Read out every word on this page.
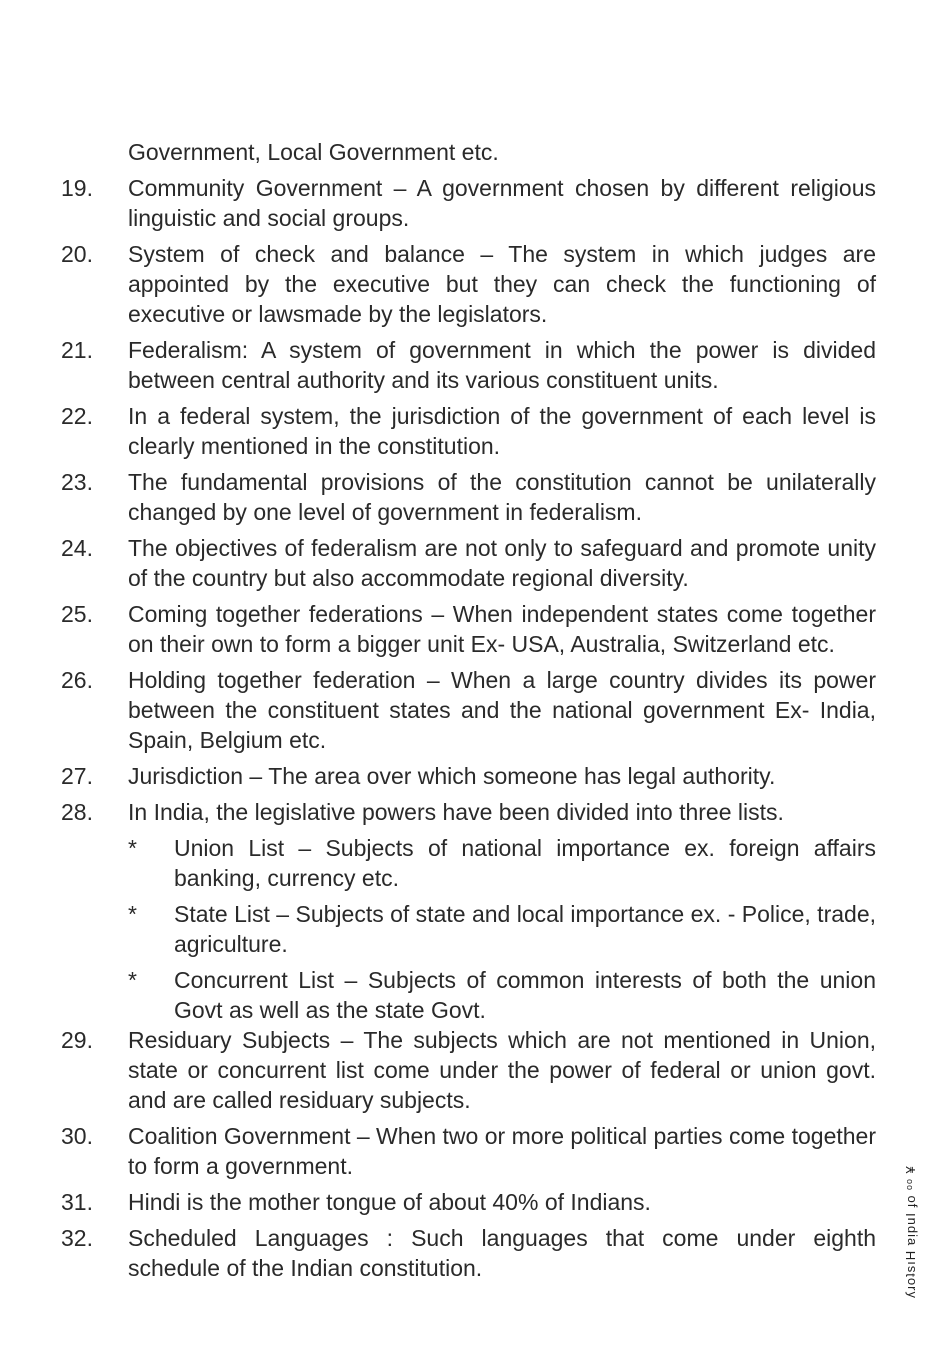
Government, Local Government etc.
19.	Community Government – A government chosen by different religious linguistic and social groups.
20.	System of check and balance – The system in which judges are appointed by the executive but they can check the functioning of executive or lawsmade by the legislators.
21.	Federalism: A system of government in which the power is divided between central authority and its various constituent units.
22.	In a federal system, the jurisdiction of the government of each level is clearly mentioned in the constitution.
23.	The fundamental provisions of the constitution cannot be unilaterally changed by one level of government in federalism.
24.	The objectives of federalism are not only to safeguard and promote unity of the country but also accommodate regional diversity.
25.	Coming together federations – When independent states come together on their own to form a bigger unit Ex- USA, Australia, Switzerland etc.
26.	Holding together federation – When a large country divides its power between the constituent states and the national government Ex- India, Spain, Belgium etc.
27.	Jurisdiction – The area over which someone has legal authority.
28.	In India, the legislative powers have been divided into three lists.
* Union List – Subjects of national importance ex. foreign affairs banking, currency etc.
* State List – Subjects of state and local importance ex. - Police, trade, agriculture.
* Concurrent List – Subjects of common interests of both the union Govt as well as the state Govt.
29.	Residuary Subjects – The subjects which are not mentioned in Union, state or concurrent list come under the power of federal or union govt. and are called residuary subjects.
30.	Coalition Government – When two or more political parties come together to form a government.
31.	Hindi is the mother tongue of about 40% of Indians.
32.	Scheduled Languages : Such languages that come under eighth schedule of the Indian constitution.	ʎɹoʇsıH ɐᴉpuI ɟo ᵒᵒ ¥
